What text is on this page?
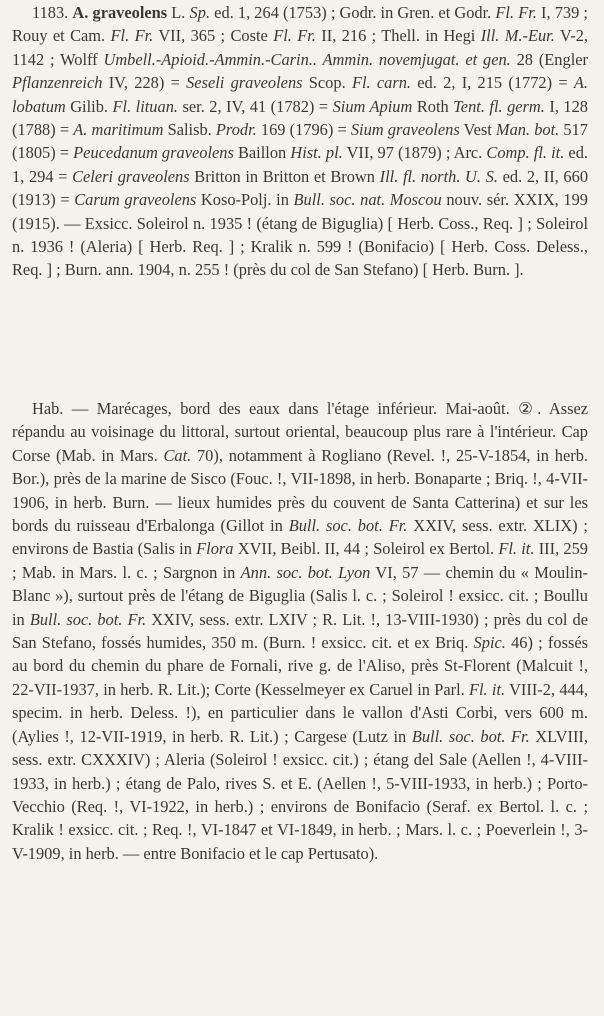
1183. A. graveolens L. Sp. ed. 1, 264 (1753) ; Godr. in Gren. et Godr. Fl. Fr. I, 739 ; Rouy et Cam. Fl. Fr. VII, 365 ; Coste Fl. Fr. II, 216 ; Thell. in Hegi Ill. M.-Eur. V-2, 1142 ; Wolff Umbell.-Apioid.-Ammin.-Carin.. Ammin. novemjugat. et gen. 28 (Engler Pflanzenreich IV, 228) = Seseli graveolens Scop. Fl. carn. ed. 2, I, 215 (1772) = A. lobatum Gilib. Fl. lituan. ser. 2, IV, 41 (1782) = Sium Apium Roth Tent. fl. germ. I, 128 (1788) = A. maritimum Salisb. Prodr. 169 (1796) = Sium graveolens Vest Man. bot. 517 (1805) = Peucedanum graveolens Baillon Hist. pl. VII, 97 (1879) ; Arc. Comp. fl. it. ed. 1, 294 = Celeri graveolens Britton in Britton et Brown Ill. fl. north. U. S. ed. 2, II, 660 (1913) = Carum graveolens Koso-Polj. in Bull. soc. nat. Moscou nouv. sér. XXIX, 199 (1915). — Exsicc. Soleirol n. 1935 ! (étang de Biguglia) [ Herb. Coss., Req. ] ; Soleirol n. 1936 ! (Aleria) [ Herb. Req. ] ; Kralik n. 599 ! (Bonifacio) [ Herb. Coss. Deless., Req. ] ; Burn. ann. 1904, n. 255 ! (près du col de San Stefano) [ Herb. Burn. ].

Hab. — Marécages, bord des eaux dans l'étage inférieur. Mai-août. ②. Assez répandu au voisinage du littoral, surtout oriental, beaucoup plus rare à l'intérieur. Cap Corse (Mab. in Mars. Cat. 70), notamment à Rogliano (Revel. !, 25-V-1854, in herb. Bor.), près de la marine de Sisco (Fouc. !, VII-1898, in herb. Bonaparte ; Briq. !, 4-VII-1906, in herb. Burn. — lieux humides près du couvent de Santa Catterina) et sur les bords du ruisseau d'Erbalonga (Gillot in Bull. soc. bot. Fr. XXIV, sess. extr. XLIX) ; environs de Bastia (Salis in Flora XVII, Beibl. II, 44 ; Soleirol ex Bertol. Fl. it. III, 259 ; Mab. in Mars. l. c. ; Sargnon in Ann. soc. bot. Lyon VI, 57 — chemin du « Moulin-Blanc »), surtout près de l'étang de Biguglia (Salis l. c. ; Soleirol ! exsicc. cit. ; Boullu in Bull. soc. bot. Fr. XXIV, sess. extr. LXIV ; R. Lit. !, 13-VIII-1930) ; près du col de San Stefano, fossés humides, 350 m. (Burn. ! exsicc. cit. et ex Briq. Spic. 46) ; fossés au bord du chemin du phare de Fornali, rive g. de l'Aliso, près St-Florent (Malcuit !, 22-VII-1937, in herb. R. Lit.); Corte (Kesselmeyer ex Caruel in Parl. Fl. it. VIII-2, 444, specim. in herb. Deless. !), en particulier dans le vallon d'Asti Corbi, vers 600 m. (Aylies !, 12-VII-1919, in herb. R. Lit.) ; Cargese (Lutz in Bull. soc. bot. Fr. XLVIII, sess. extr. CXXXIV) ; Aleria (Soleirol ! exsicc. cit.) ; étang del Sale (Aellen !, 4-VIII-1933, in herb.) ; étang de Palo, rives S. et E. (Aellen !, 5-VIII-1933, in herb.) ; Porto-Vecchio (Req. !, VI-1922, in herb.) ; environs de Bonifacio (Seraf. ex Bertol. l. c. ; Kralik ! exsicc. cit. ; Req. !, VI-1847 et VI-1849, in herb. ; Mars. l. c. ; Poeverlein !, 3-V-1909, in herb. — entre Bonifacio et le cap Pertusato).
